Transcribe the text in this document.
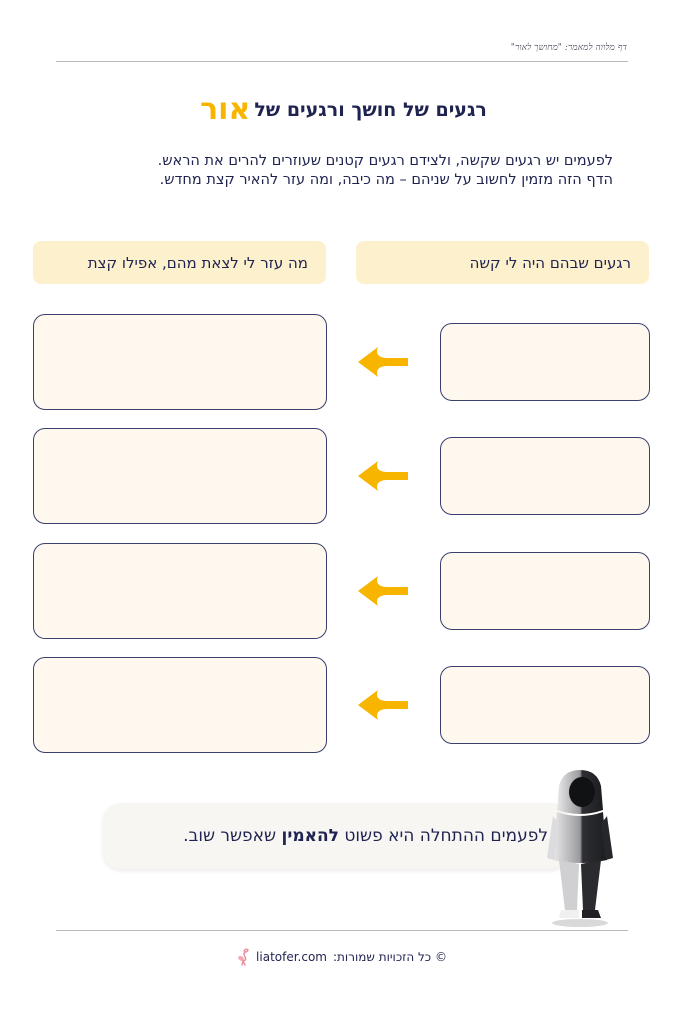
דף מלווה למאמר: "מחושך לאור"
רגעים של חושך ורגעים שלאור
לפעמים יש רגעים שקשה, ולצידם רגעים קטנים שעוזרים להרים את הראש.
הדף הזה מזמין לחשוב על שניהם – מה כיבה, ומה עזר להאיר קצת מחדש.
רגעים שבהם היה לי קשה
מה עזר לי לצאת מהם, אפילו קצת
לפעמים ההתחלה היא פשוט

להאמין

שאפשר שוב.
liatofer.com © כל הזכויות שמורות:
